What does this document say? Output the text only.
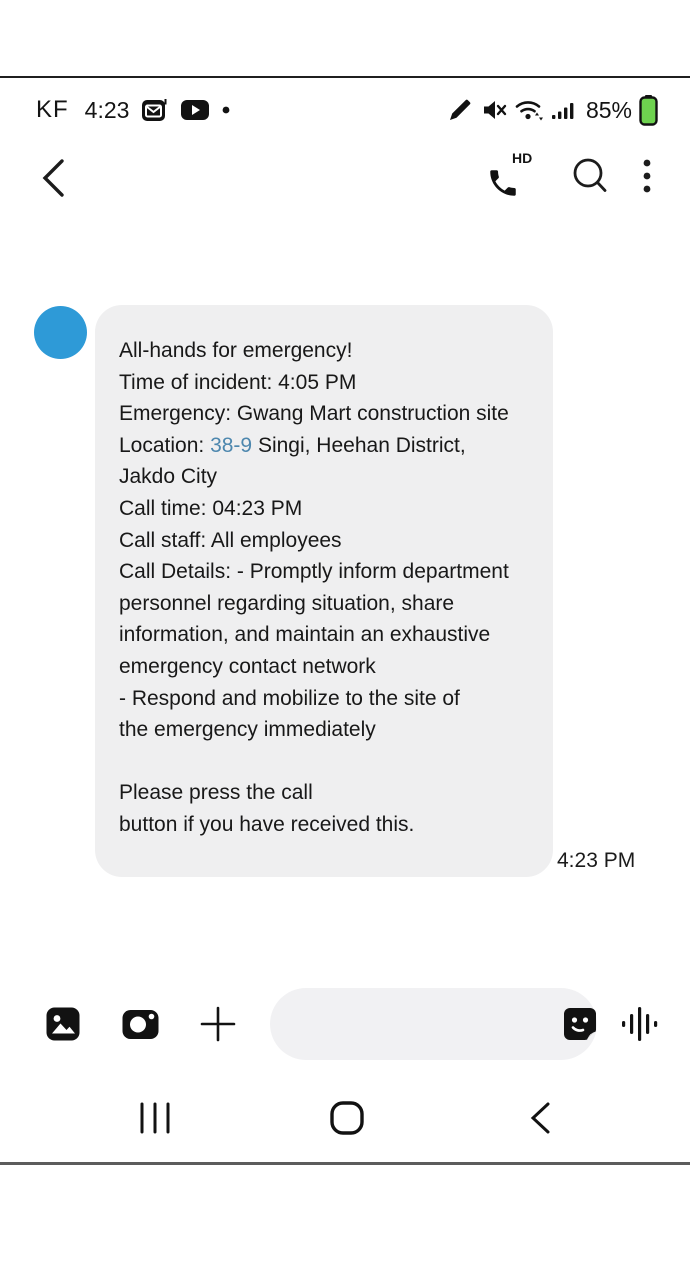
KF 4:23	85%
HD
All-hands for emergency!
Time of incident: 4:05 PM
Emergency: Gwang Mart construction site
Location: 38-9 Singi, Heehan District,
Jakdo City
Call time: 04:23 PM
Call staff: All employees
Call Details: - Promptly inform department
personnel regarding situation, share
information, and maintain an exhaustive
emergency contact network
- Respond and mobilize to the site of
the emergency immediately

Please press the call
button if you have received this.
4:23 PM
